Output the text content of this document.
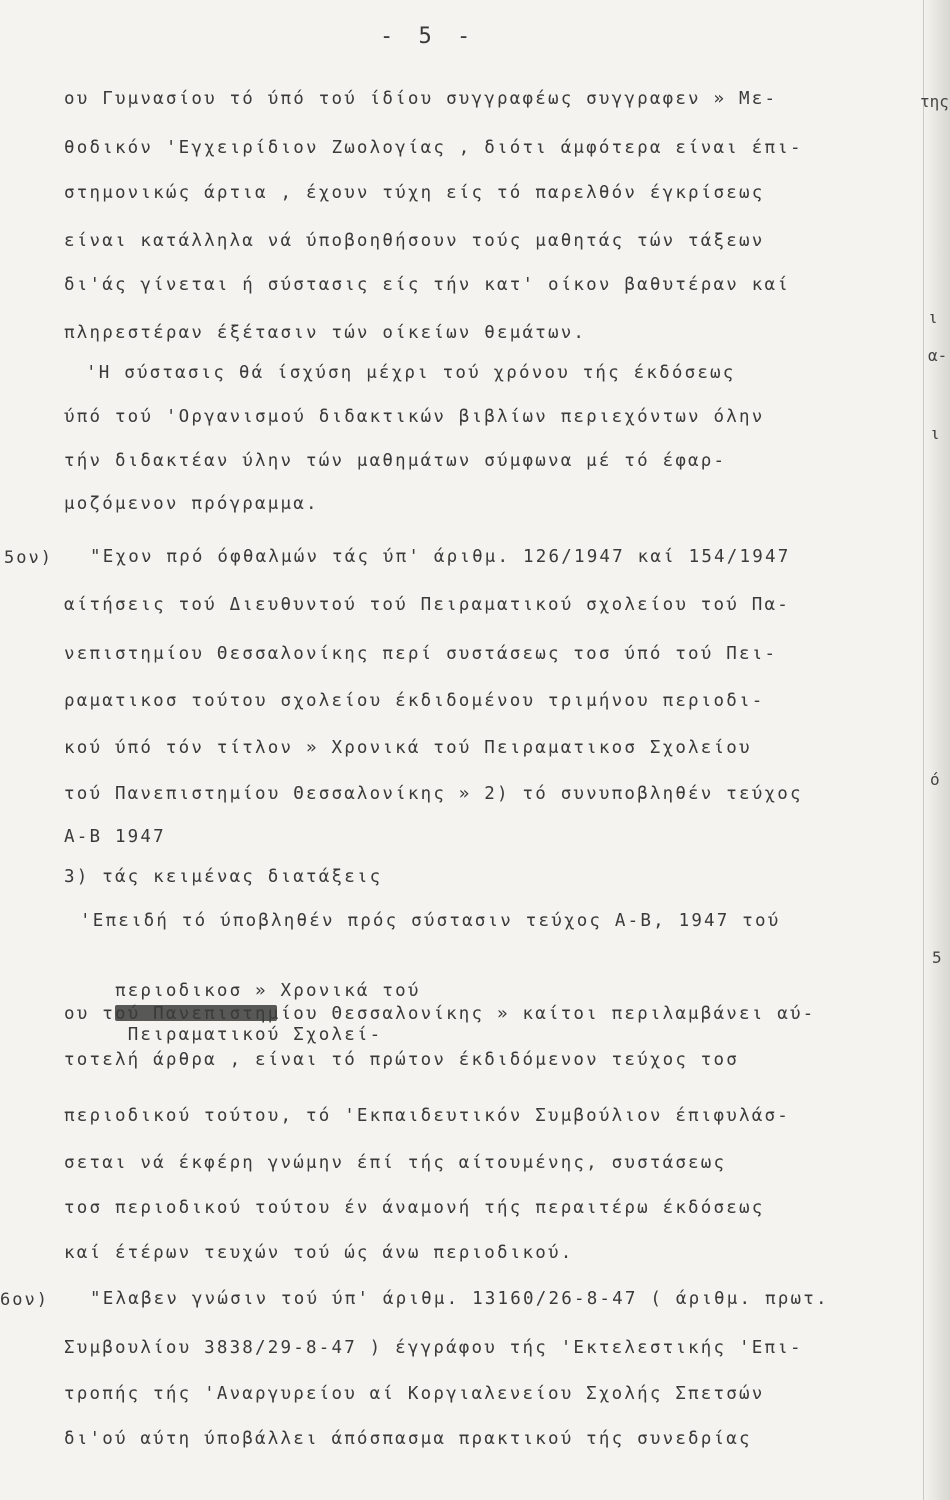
- 5 -
ου Γυμνασίου τό ύπό τού ίδίου συγγραφέως συγγραφεν » Με-
θοδικόν 'Εγχειρίδιον Ζωολογίας , διότι άμφότερα είναι έπι-
στημονικώς άρτια , έχουν τύχη είς τό παρελθόν έγκρίσεως
είναι κατάλληλα νά ύποβοηθήσουν τούς μαθητάς τών τάξεων
δι'άς γίνεται ή σύστασις είς τήν κατ' οίκον βαθυτέραν καί
πληρεστέραν έξέτασιν τών οίκείων θεμάτων.
'Η σύστασις θά ίσχύση μέχρι τού χρόνου τής έκδόσεως
ύπό τού 'Οργανισμού διδακτικών βιβλίων περιεχόντων όλην
τήν διδακτέαν ύλην τών μαθημάτων σύμφωνα μέ τό έφαρ-
μοζόμενον πρόγραμμα.
5ον) "Εχον πρό όφθαλμών τάς ύπ' άριθμ. 126/1947 καί 154/1947
αίτήσεις τού Διευθυντού τού Πειραματικού σχολείου τού Πα-
νεπιστημίου Θεσσαλονίκης περί συστάσεως τοσ ύπό τού Πει-
ραματικοσ τούτου σχολείου έκδιδομένου τριμήνου περιοδι-
κού ύπό τόν τίτλον » Χρονικά τού Πειραματικοσ Σχολείου
τού Πανεπιστημίου Θεσσαλονίκης » 2) τό συνυποβληθέν τεύχος
Α-Β 1947
3) τάς κειμένας διατάξεις
'Επειδή τό ύποβληθέν πρός σύστασιν τεύχος Α-Β, 1947 τού

περιοδικοσ » Χρονικά τού

Πειραματικού Σχολεί-

ου τού Πανεπιστημίου Θεσσαλονίκης » καίτοι περιλαμβάνει αύ-
τοτελή άρθρα , είναι τό πρώτον έκδιδόμενον τεύχος τοσ
περιοδικού τούτου, τό 'Εκπαιδευτικόν Συμβούλιον έπιφυλάσ-
σεται νά έκφέρη γνώμην έπί τής αίτουμένης, συστάσεως
τοσ περιοδικού τούτου έν άναμονή τής περαιτέρω έκδόσεως
καί έτέρων τευχών τού ώς άνω περιοδικού.
6ον) "Ελαβεν γνώσιν τού ύπ' άριθμ. 13160/26-8-47 ( άριθμ. πρωτ.
Συμβουλίου 3838/29-8-47 ) έγγράφου τής 'Εκτελεστικής 'Επι-
τροπής τής 'Αναργυρείου αί Κοργιαλενείου Σχολής Σπετσών
δι'ού αύτη ύποβάλλει άπόσπασμα πρακτικού τής συνεδρίας
της
ι
α-
ι
ό
5
